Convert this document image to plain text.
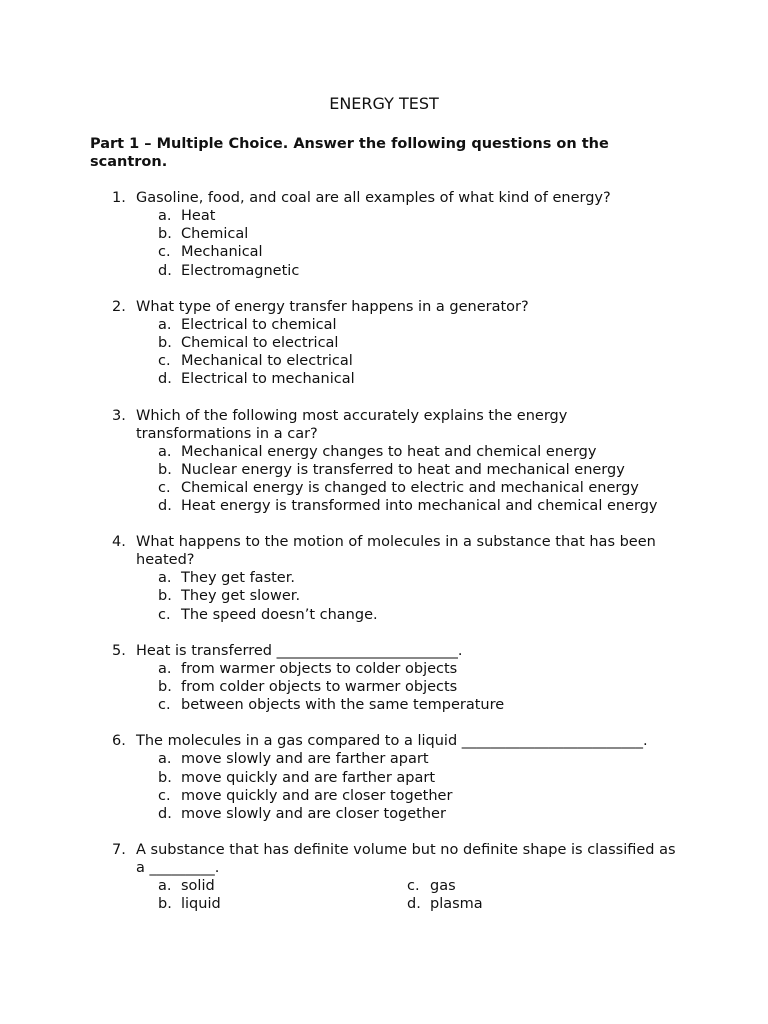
ENERGY TEST
Part 1 – Multiple Choice. Answer the following questions on the scantron.
1. Gasoline, food, and coal are all examples of what kind of energy?
a. Heat
b. Chemical
c. Mechanical
d. Electromagnetic
2. What type of energy transfer happens in a generator?
a. Electrical to chemical
b. Chemical to electrical
c. Mechanical to electrical
d. Electrical to mechanical
3. Which of the following most accurately explains the energy transformations in a car?
a. Mechanical energy changes to heat and chemical energy
b. Nuclear energy is transferred to heat and mechanical energy
c. Chemical energy is changed to electric and mechanical energy
d. Heat energy is transformed into mechanical and chemical energy
4. What happens to the motion of molecules in a substance that has been heated?
a. They get faster.
b. They get slower.
c. The speed doesn’t change.
5. Heat is transferred _________________________.
a. from warmer objects to colder objects
b. from colder objects to warmer objects
c. between objects with the same temperature
6. The molecules in a gas compared to a liquid _________________________.
a. move slowly and are farther apart
b. move quickly and are farther apart
c. move quickly and are closer together
d. move slowly and are closer together
7. A substance that has definite volume but no definite shape is classified as a _________.
a. solid	c. gas
b. liquid	d. plasma
